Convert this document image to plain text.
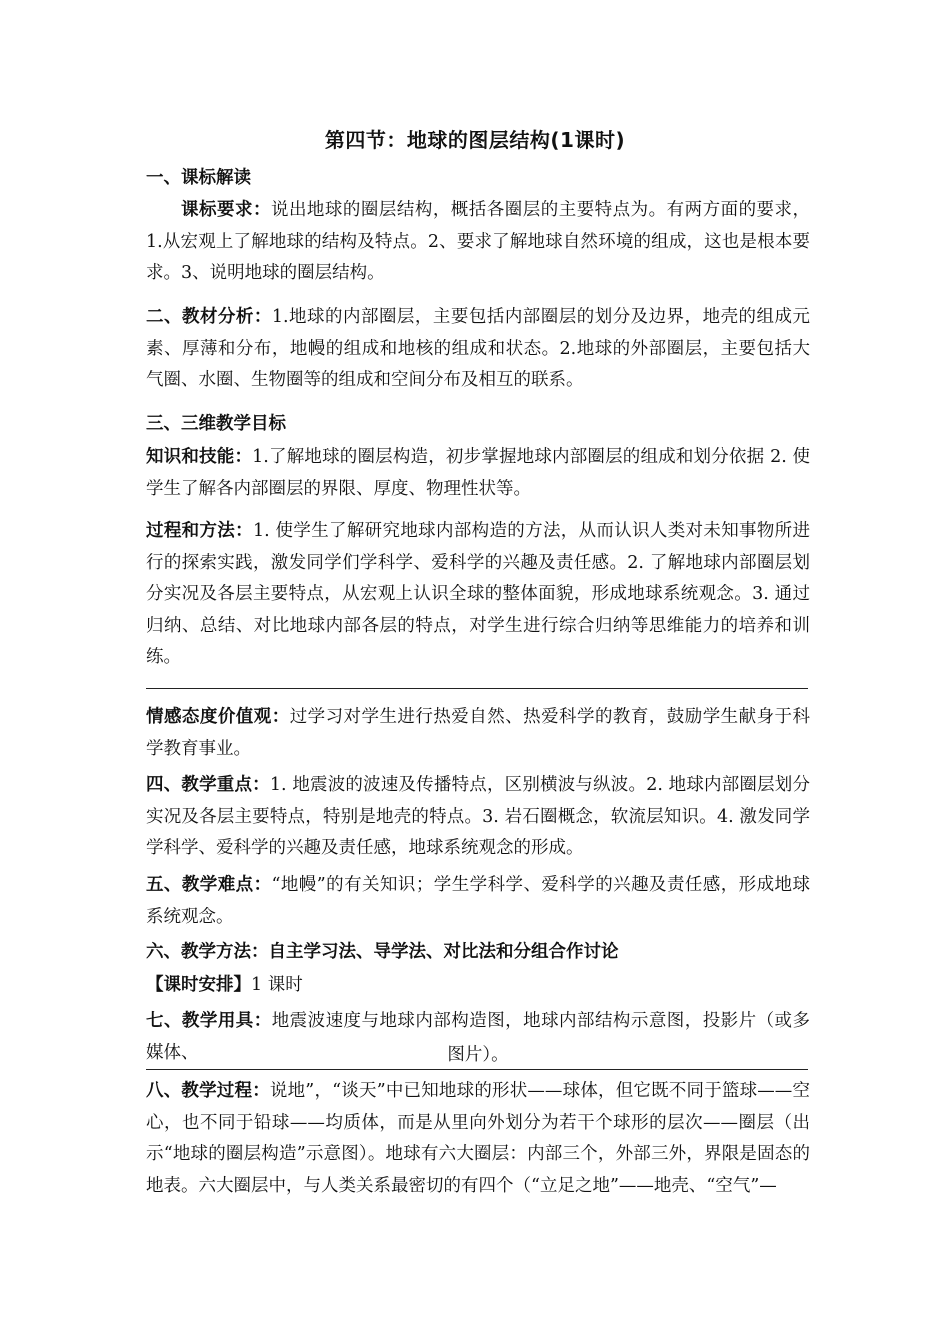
第四节：地球的图层结构(1课时)
一、课标解读
课标要求：说出地球的圈层结构，概括各圈层的主要特点为。有两方面的要求，1.从宏观上了解地球的结构及特点。2、要求了解地球自然环境的组成，这也是根本要求。3、说明地球的圈层结构。
二、教材分析：1.地球的内部圈层，主要包括内部圈层的划分及边界，地壳的组成元素、厚薄和分布，地幔的组成和地核的组成和状态。2.地球的外部圈层，主要包括大气圈、水圈、生物圈等的组成和空间分布及相互的联系。
三、三维教学目标
知识和技能：1.了解地球的圈层构造，初步掌握地球内部圈层的组成和划分依据 2. 使学生了解各内部圈层的界限、厚度、物理性状等。
过程和方法：1. 使学生了解研究地球内部构造的方法，从而认识人类对未知事物所进行的探索实践，激发同学们学科学、爱科学的兴趣及责任感。2. 了解地球内部圈层划分实况及各层主要特点，从宏观上认识全球的整体面貌，形成地球系统观念。3. 通过归纳、总结、对比地球内部各层的特点，对学生进行综合归纳等思维能力的培养和训练。
情感态度价值观：过学习对学生进行热爱自然、热爱科学的教育，鼓励学生献身于科学教育事业。
四、教学重点：1. 地震波的波速及传播特点，区别横波与纵波。2. 地球内部圈层划分实况及各层主要特点，特别是地壳的特点。3. 岩石圈概念，软流层知识。4. 激发同学学科学、爱科学的兴趣及责任感，地球系统观念的形成。
五、教学难点：“地幔”的有关知识；学生学科学、爱科学的兴趣及责任感，形成地球系统观念。
六、教学方法：自主学习法、导学法、对比法和分组合作讨论
【课时安排】1 课时
七、教学用具：地震波速度与地球内部构造图，地球内部结构示意图，投影片（或多媒体、	图片）。
八、教学过程：说地”，“谈天”中已知地球的形状——球体，但它既不同于篮球——空心，也不同于铅球——均质体，而是从里向外划分为若干个球形的层次——圈层（出示“地球的圈层构造”示意图）。地球有六大圈层：内部三个，外部三外，界限是固态的地表。六大圈层中，与人类关系最密切的有四个（“立足之地”——地壳、“空气”—
